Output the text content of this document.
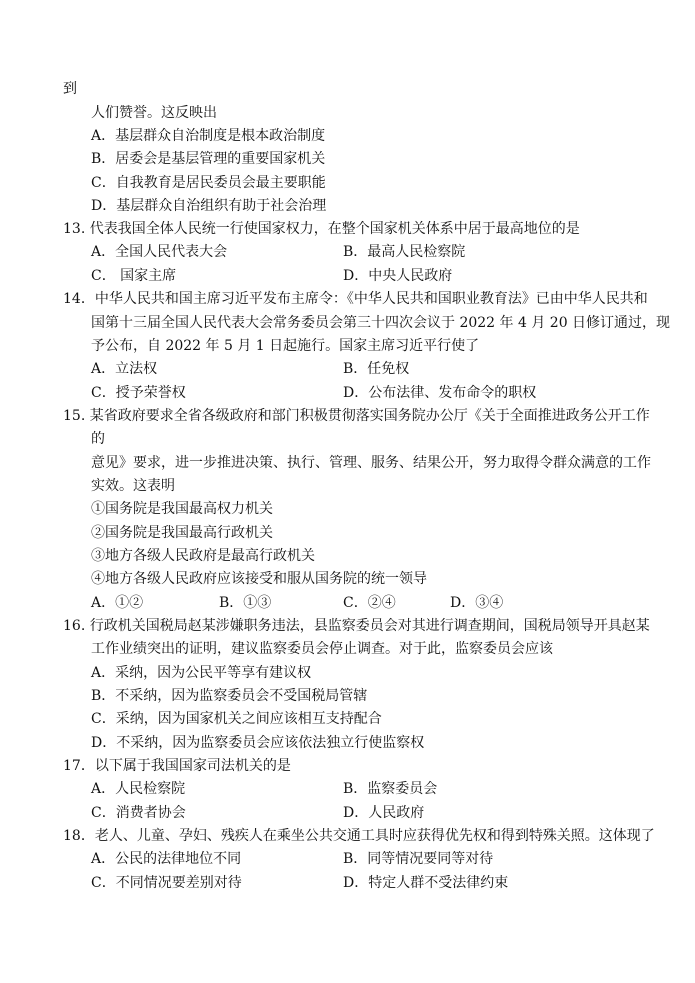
到
人们赞誉。这反映出
A．基层群众自治制度是根本政治制度
B．居委会是基层管理的重要国家机关
C．自我教育是居民委员会最主要职能
D．基层群众自治组织有助于社会治理
13. 代表我国全体人民统一行使国家权力，在整个国家机关体系中居于最高地位的是
A．全国人民代表大会	B．最高人民检察院
C． 国家主席	D．中央人民政府
14．中华人民共和国主席习近平发布主席令：《中华人民共和国职业教育法》已由中华人民共和
国第十三届全国人民代表大会常务委员会第三十四次会议于 2022 年 4 月 20 日修订通过，现
予公布，自 2022 年 5 月 1 日起施行。国家主席习近平行使了
A．立法权	B．任免权
C．授予荣誉权	D．公布法律、发布命令的职权
15. 某省政府要求全省各级政府和部门积极贯彻落实国务院办公厅《关于全面推进政务公开工作
的
意见》要求，进一步推进决策、执行、管理、服务、结果公开，努力取得令群众满意的工作
实效。这表明
①国务院是我国最高权力机关
②国务院是我国最高行政机关
③地方各级人民政府是最高行政机关
④地方各级人民政府应该接受和服从国务院的统一领导
A．①②	B．①③	C．②④	D．③④
16. 行政机关国税局赵某涉嫌职务违法，县监察委员会对其进行调查期间，国税局领导开具赵某
工作业绩突出的证明，建议监察委员会停止调查。对于此，监察委员会应该
A．采纳，因为公民平等享有建议权
B．不采纳，因为监察委员会不受国税局管辖
C．采纳，因为国家机关之间应该相互支持配合
D．不采纳，因为监察委员会应该依法独立行使监察权
17．以下属于我国国家司法机关的是
A．人民检察院	B．监察委员会
C．消费者协会	D．人民政府
18．老人、儿童、孕妇、残疾人在乘坐公共交通工具时应获得优先权和得到特殊关照。这体现了
A．公民的法律地位不同	B．同等情况要同等对待
C．不同情况要差别对待	D．特定人群不受法律约束
